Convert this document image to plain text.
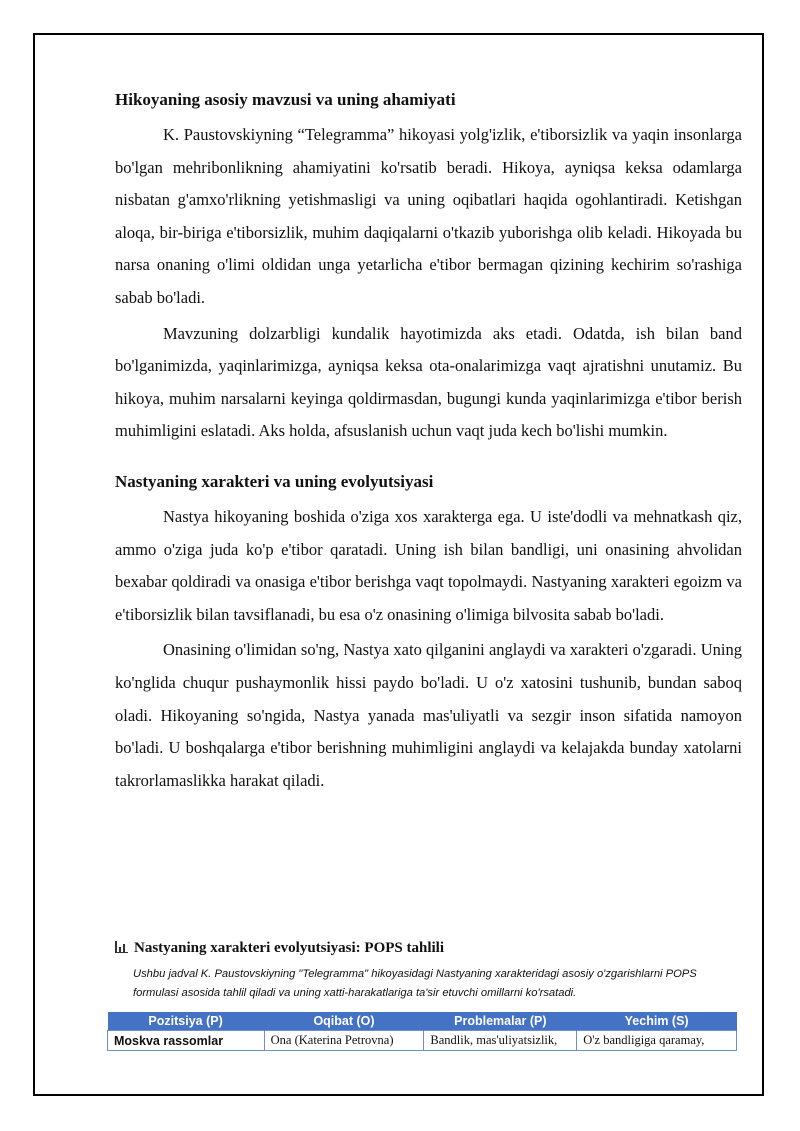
Hikoyaning asosiy mavzusi va uning ahamiyati

K. Paustovskiyning “Telegramma” hikoyasi yolg'izlik, e'tiborsizlik va yaqin insonlarga bo'lgan mehribonlikning ahamiyatini ko'rsatib beradi. Hikoya, ayniqsa keksa odamlarga nisbatan g'amxo'rlikning yetishmasligi va uning oqibatlari haqida ogohlantiradi. Ketishgan aloqa, bir-biriga e'tiborsizlik, muhim daqiqalarni o'tkazib yuborishga olib keladi. Hikoyada bu narsa onaning o'limi oldidan unga yetarlicha e'tibor bermagan qizining kechirim so'rashiga sabab bo'ladi.

Mavzuning dolzarbligi kundalik hayotimizda aks etadi. Odatda, ish bilan band bo'lganimizda, yaqinlarimizga, ayniqsa keksa ota-onalarimizga vaqt ajratishni unutamiz. Bu hikoya, muhim narsalarni keyinga qoldirmasdan, bugungi kunda yaqinlarimizga e'tibor berish muhimligini eslatadi. Aks holda, afsuslanish uchun vaqt juda kech bo'lishi mumkin.

Nastyaning xarakteri va uning evolyutsiyasi

Nastya hikoyaning boshida o'ziga xos xarakterga ega. U iste'dodli va mehnatkash qiz, ammo o'ziga juda ko'p e'tibor qaratadi. Uning ish bilan bandligi, uni onasining ahvolidan bexabar qoldiradi va onasiga e'tibor berishga vaqt topolmaydi. Nastyaning xarakteri egoizm va e'tiborsizlik bilan tavsiflanadi, bu esa o'z onasining o'limiga bilvosita sabab bo'ladi.

Onasining o'limidan so'ng, Nastya xato qilganini anglaydi va xarakteri o'zgaradi. Uning ko'nglida chuqur pushaymonlik hissi paydo bo'ladi. U o'z xatosini tushunib, bundan saboq oladi. Hikoyaning so'ngida, Nastya yanada mas'uliyatli va sezgir inson sifatida namoyon bo'ladi. U boshqalarga e'tibor berishning muhimligini anglaydi va kelajakda bunday xatolarni takrorlamaslikka harakat qiladi.

Nastyaning xarakteri evolyutsiyasi: POPS tahlili
Ushbu jadval K. Paustovskiyning "Telegramma" hikoyasidagi Nastyaning xarakteridagi asosiy o'zgarishlarni POPS formulasi asosida tahlil qiladi va uning xatti-harakatlariga ta'sir etuvchi omillarni ko'rsatadi.
Pozitsiya (P)	Oqibat (O)	Problemalar (P)	Yechim (S)
Moskva rassomlar	Ona (Katerina Petrovna)	Bandlik, mas'uliyatsizlik,	O'z bandligiga qaramay,
